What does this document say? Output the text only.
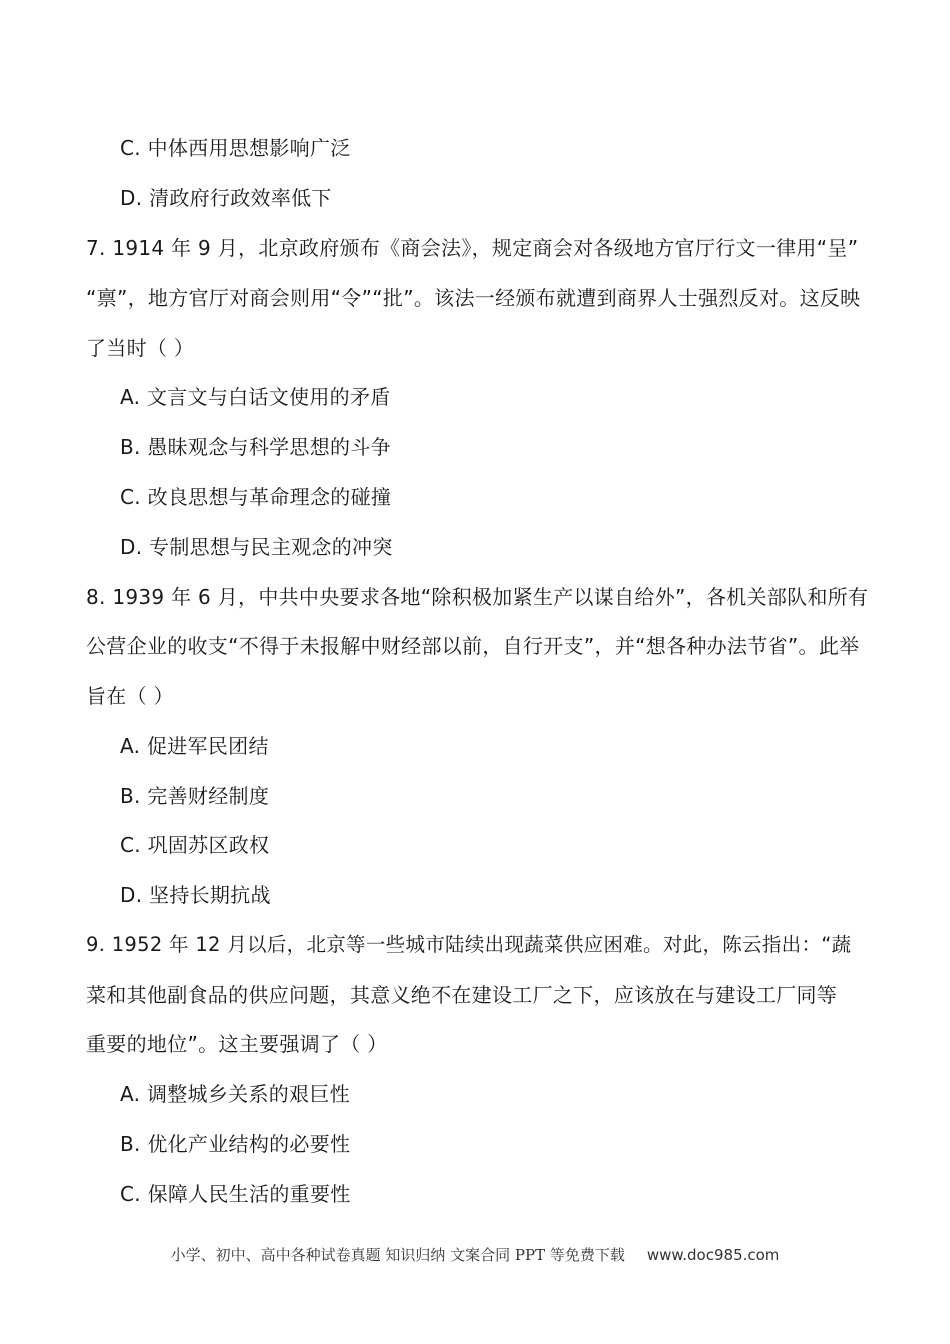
C. 中体西用思想影响广泛
D. 清政府行政效率低下
7. 1914 年 9 月，北京政府颁布《商会法》，规定商会对各级地方官厅行文一律用“呈”
“禀”，地方官厅对商会则用“令”“批”。该法一经颁布就遭到商界人士强烈反对。这反映
了当时（ ）
A. 文言文与白话文使用的矛盾
B. 愚昧观念与科学思想的斗争
C. 改良思想与革命理念的碰撞
D. 专制思想与民主观念的冲突
8. 1939 年 6 月，中共中央要求各地“除积极加紧生产以谋自给外”，各机关部队和所有
公营企业的收支“不得于未报解中财经部以前，自行开支”，并“想各种办法节省”。此举
旨在（ ）
A. 促进军民团结
B. 完善财经制度
C. 巩固苏区政权
D. 坚持长期抗战
9. 1952 年 12 月以后，北京等一些城市陆续出现蔬菜供应困难。对此，陈云指出：“蔬
菜和其他副食品的供应问题，其意义绝不在建设工厂之下，应该放在与建设工厂同等
重要的地位”。这主要强调了（ ）
A. 调整城乡关系的艰巨性
B. 优化产业结构的必要性
C. 保障人民生活的重要性
小学、初中、高中各种试卷真题 知识归纳 文案合同 PPT 等免费下载 www.doc985.com
